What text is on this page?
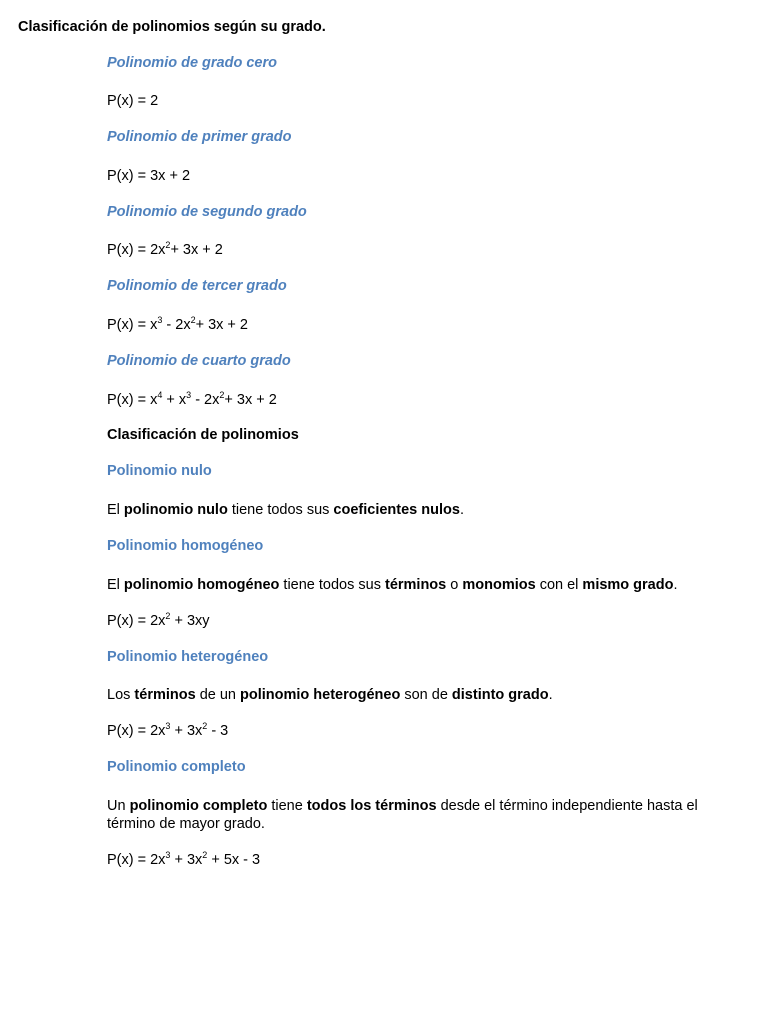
Clasificación de polinomios según su grado.
Polinomio de grado cero
P(x) = 2
Polinomio de primer grado
P(x) = 3x + 2
Polinomio de segundo grado
$P(x) = 2x^2+ 3x + 2$
Polinomio de tercer grado
$P(x) = x^3 - 2x^2+ 3x + 2$
Polinomio de cuarto grado
$P(x) = x^4 + x^3 - 2x^2+ 3x + 2$
Clasificación de polinomios
Polinomio nulo
El polinomio nulo tiene todos sus coeficientes nulos.
Polinomio homogéneo
El polinomio homogéneo tiene todos sus términos o monomios con el mismo grado.
$P(x) = 2x^2 + 3xy$
Polinomio heterogéneo
Los términos de un polinomio heterogéneo son de distinto grado.
$P(x) = 2x^3 + 3x^2 - 3$
Polinomio completo
Un polinomio completo tiene todos los términos desde el término independiente hasta el término de mayor grado.
$P(x) = 2x^3 + 3x^2 + 5x - 3$
